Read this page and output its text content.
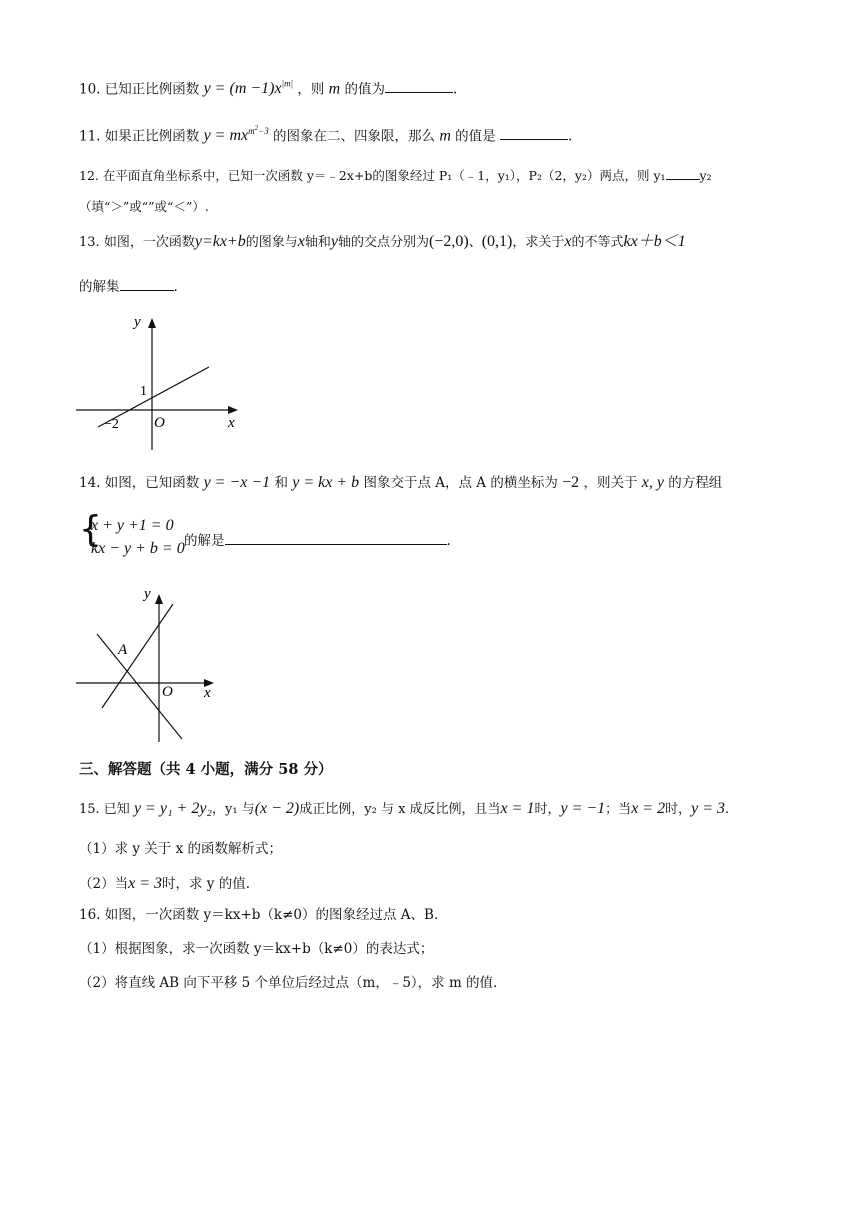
10. 已知正比例函数 $y = (m -1)x^{|m|}$ ，则 m 的值为	.
11. 如果正比例函数 $y = mx^{m^2-3}$ 的图象在二、四象限，那么 m 的值是	.
12. 在平面直角坐标系中，已知一次函数 y＝﹣2x+b的图象经过 P₁（﹣1，y₁），P₂（2，y₂）两点，则 y₁	y₂
（填“＞”或“”或“＜”）.
13. 如图，一次函数y=kx+b的图象与x轴和y轴的交点分别为(−2,0)、(0,1)，求关于x的不等式kx＋b＜1
的解集	.
y
x
O
1
−2
14. 如图，已知函数 y = −x −1 和 y = kx + b 图象交于点 A，点 A 的横坐标为 −2 ，则关于 x, y 的方程组
{
x + y +1 = 0
kx − y + b = 0 的解是	.
y
x
O
A
三、解答题（共 4 小题，满分 58 分）
15. 已知 y = y₁ + 2y₂，y₁ 与(x − 2)成正比例，y₂ 与 x 成反比例，且当x = 1时，y = −1；当x = 2时，y = 3.
（1）求 y 关于 x 的函数解析式；
（2）当x = 3时，求 y 的值.
16. 如图，一次函数 y＝kx+b（k≠0）的图象经过点 A、B.
（1）根据图象，求一次函数 y＝kx+b（k≠0）的表达式；
（2）将直线 AB 向下平移 5 个单位后经过点（m，﹣5），求 m 的值.
